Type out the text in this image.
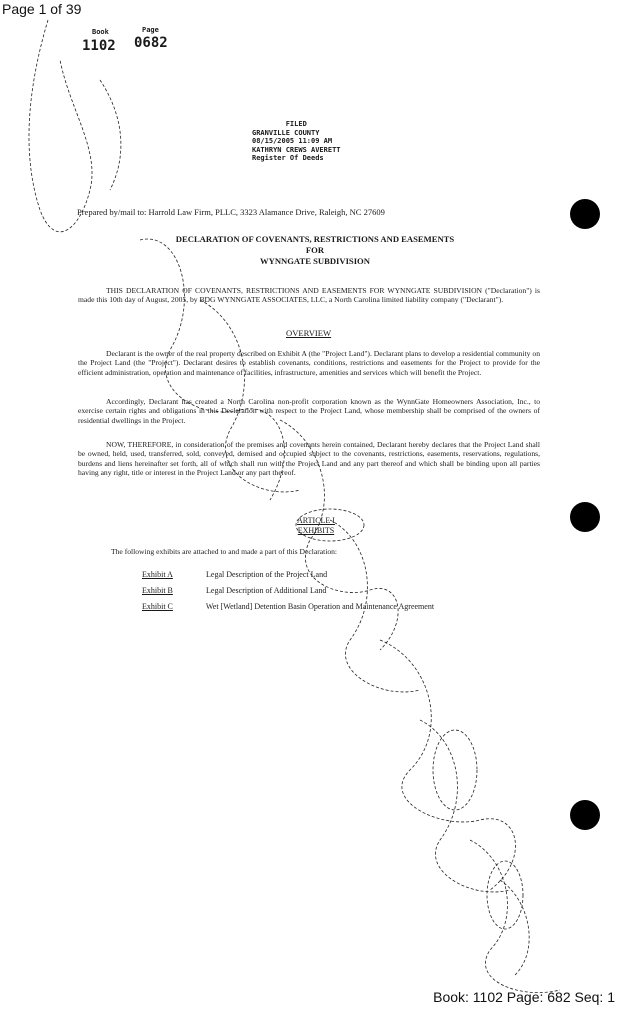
Page 1 of 39
Book	Page
1102 0682
FILED
GRANVILLE COUNTY
08/15/2005 11:09 AM
KATHRYN CREWS AVERETT
Register Of Deeds
Prepared by/mail to: Harrold Law Firm, PLLC, 3323 Alamance Drive, Raleigh, NC 27609
DECLARATION OF COVENANTS, RESTRICTIONS AND EASEMENTS
FOR
WYNNGATE SUBDIVISION
THIS DECLARATION OF COVENANTS, RESTRICTIONS AND EASEMENTS FOR WYNNGATE SUBDIVISION ("Declaration") is made this 10th day of August, 2005, by BDG WYNNGATE ASSOCIATES, LLC, a North Carolina limited liability company ("Declarant").
OVERVIEW
Declarant is the owner of the real property described on Exhibit A (the "Project Land"). Declarant plans to develop a residential community on the Project Land (the "Project"). Declarant desires to establish covenants, conditions, restrictions and easements for the Project to provide for the efficient administration, operation and maintenance of facilities, infrastructure, amenities and services which will benefit the Project.
Accordingly, Declarant has created a North Carolina non-profit corporation known as the WynnGate Homeowners Association, Inc., to exercise certain rights and obligations in this Declaration with respect to the Project Land, whose membership shall be comprised of the owners of residential dwellings in the Project.
NOW, THEREFORE, in consideration of the premises and covenants herein contained, Declarant hereby declares that the Project Land shall be owned, held, used, transferred, sold, conveyed, demised and occupied subject to the covenants, restrictions, easements, reservations, regulations, burdens and liens hereinafter set forth, all of which shall run with the Project Land and any part thereof and which shall be binding upon all parties having any right, title or interest in the Project Land or any part thereof.
ARTICLE I
EXHIBITS
The following exhibits are attached to and made a part of this Declaration:
Exhibit A	Legal Description of the Project Land
Exhibit B	Legal Description of Additional Land
Exhibit C	Wet [Wetland] Detention Basin Operation and Maintenance Agreement
Book: 1102 Page: 682 Seq: 1
